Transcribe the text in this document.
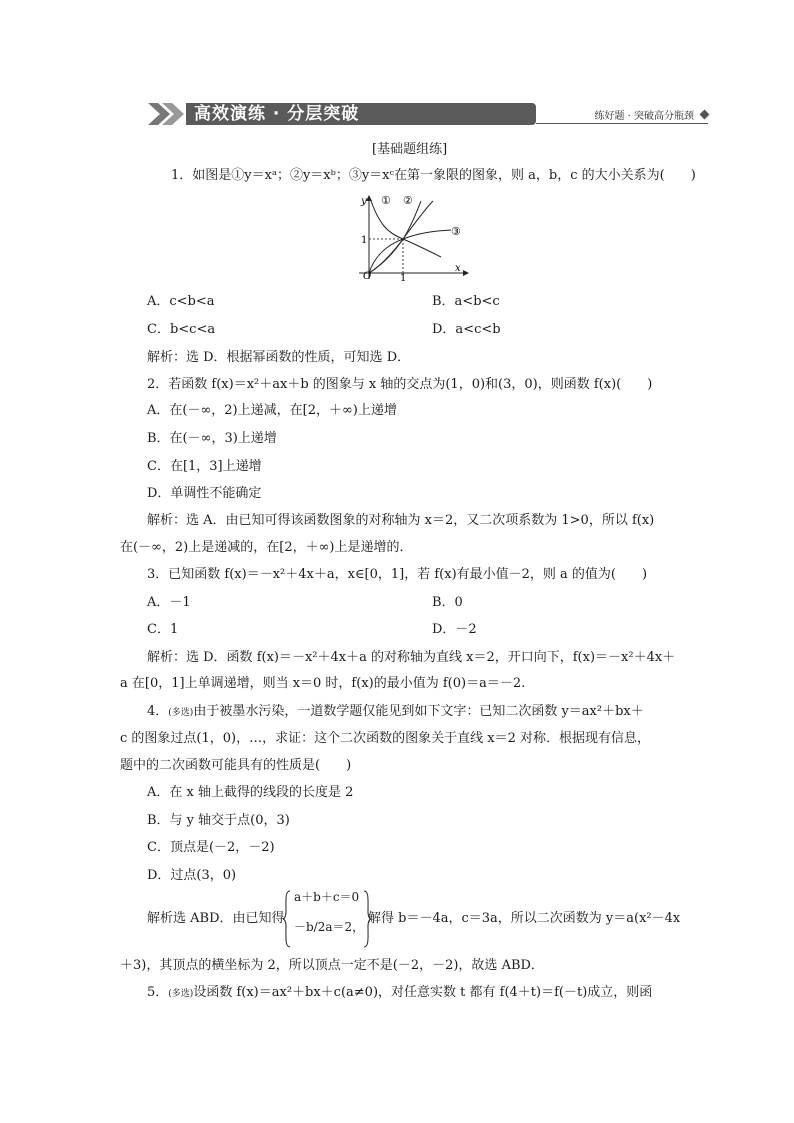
高效演练 · 分层突破	练好题 · 突破高分瓶颈
[基础题组练]
1．如图是①y＝xᵃ；②y＝xᵇ；③y＝xᶜ在第一象限的图象，则 a，b，c 的大小关系为(　　)
y
x
O	1
1
① ②
③
A．c<b<a	B．a<b<c
C．b<c<a	D．a<c<b
解析：选 D．根据幂函数的性质，可知选 D．
2．若函数 f(x)＝x²＋ax＋b 的图象与 x 轴的交点为(1，0)和(3，0)，则函数 f(x)(　　)
A．在(－∞，2)上递减，在[2，＋∞)上递增
B．在(－∞，3)上递增
C．在[1，3]上递增
D．单调性不能确定
解析：选 A．由已知可得该函数图象的对称轴为 x＝2，又二次项系数为 1>0，所以 f(x)
在(－∞，2)上是递减的，在[2，＋∞)上是递增的．
3．已知函数 f(x)＝－x²＋4x＋a，x∈[0，1]，若 f(x)有最小值－2，则 a 的值为(　　)
A．－1	B．0
C．1	D．－2
解析：选 D．函数 f(x)＝－x²＋4x＋a 的对称轴为直线 x＝2，开口向下，f(x)＝－x²＋4x＋
a 在[0，1]上单调递增，则当 x＝0 时，f(x)的最小值为 f(0)＝a＝－2.
4．(多选)由于被墨水污染，一道数学题仅能见到如下文字：已知二次函数 y＝ax²＋bx＋
c 的图象过点(1，0)，…，求证：这个二次函数的图象关于直线 x＝2 对称．根据现有信息，
题中的二次函数可能具有的性质是(　　)
A．在 x 轴上截得的线段的长度是 2
B．与 y 轴交于点(0，3)
C．顶点是(－2，－2)
D．过点(3，0)
解析选 ABD．由已知得
a＋b＋c＝0
－b/2a＝2，
解得 b＝－4a，c＝3a，所以二次函数为 y＝a(x²－4x
＋3)，其顶点的横坐标为 2，所以顶点一定不是(－2，－2)，故选 ABD．
5．(多选)设函数 f(x)＝ax²＋bx＋c(a≠0)，对任意实数 t 都有 f(4＋t)＝f(－t)成立，则函
